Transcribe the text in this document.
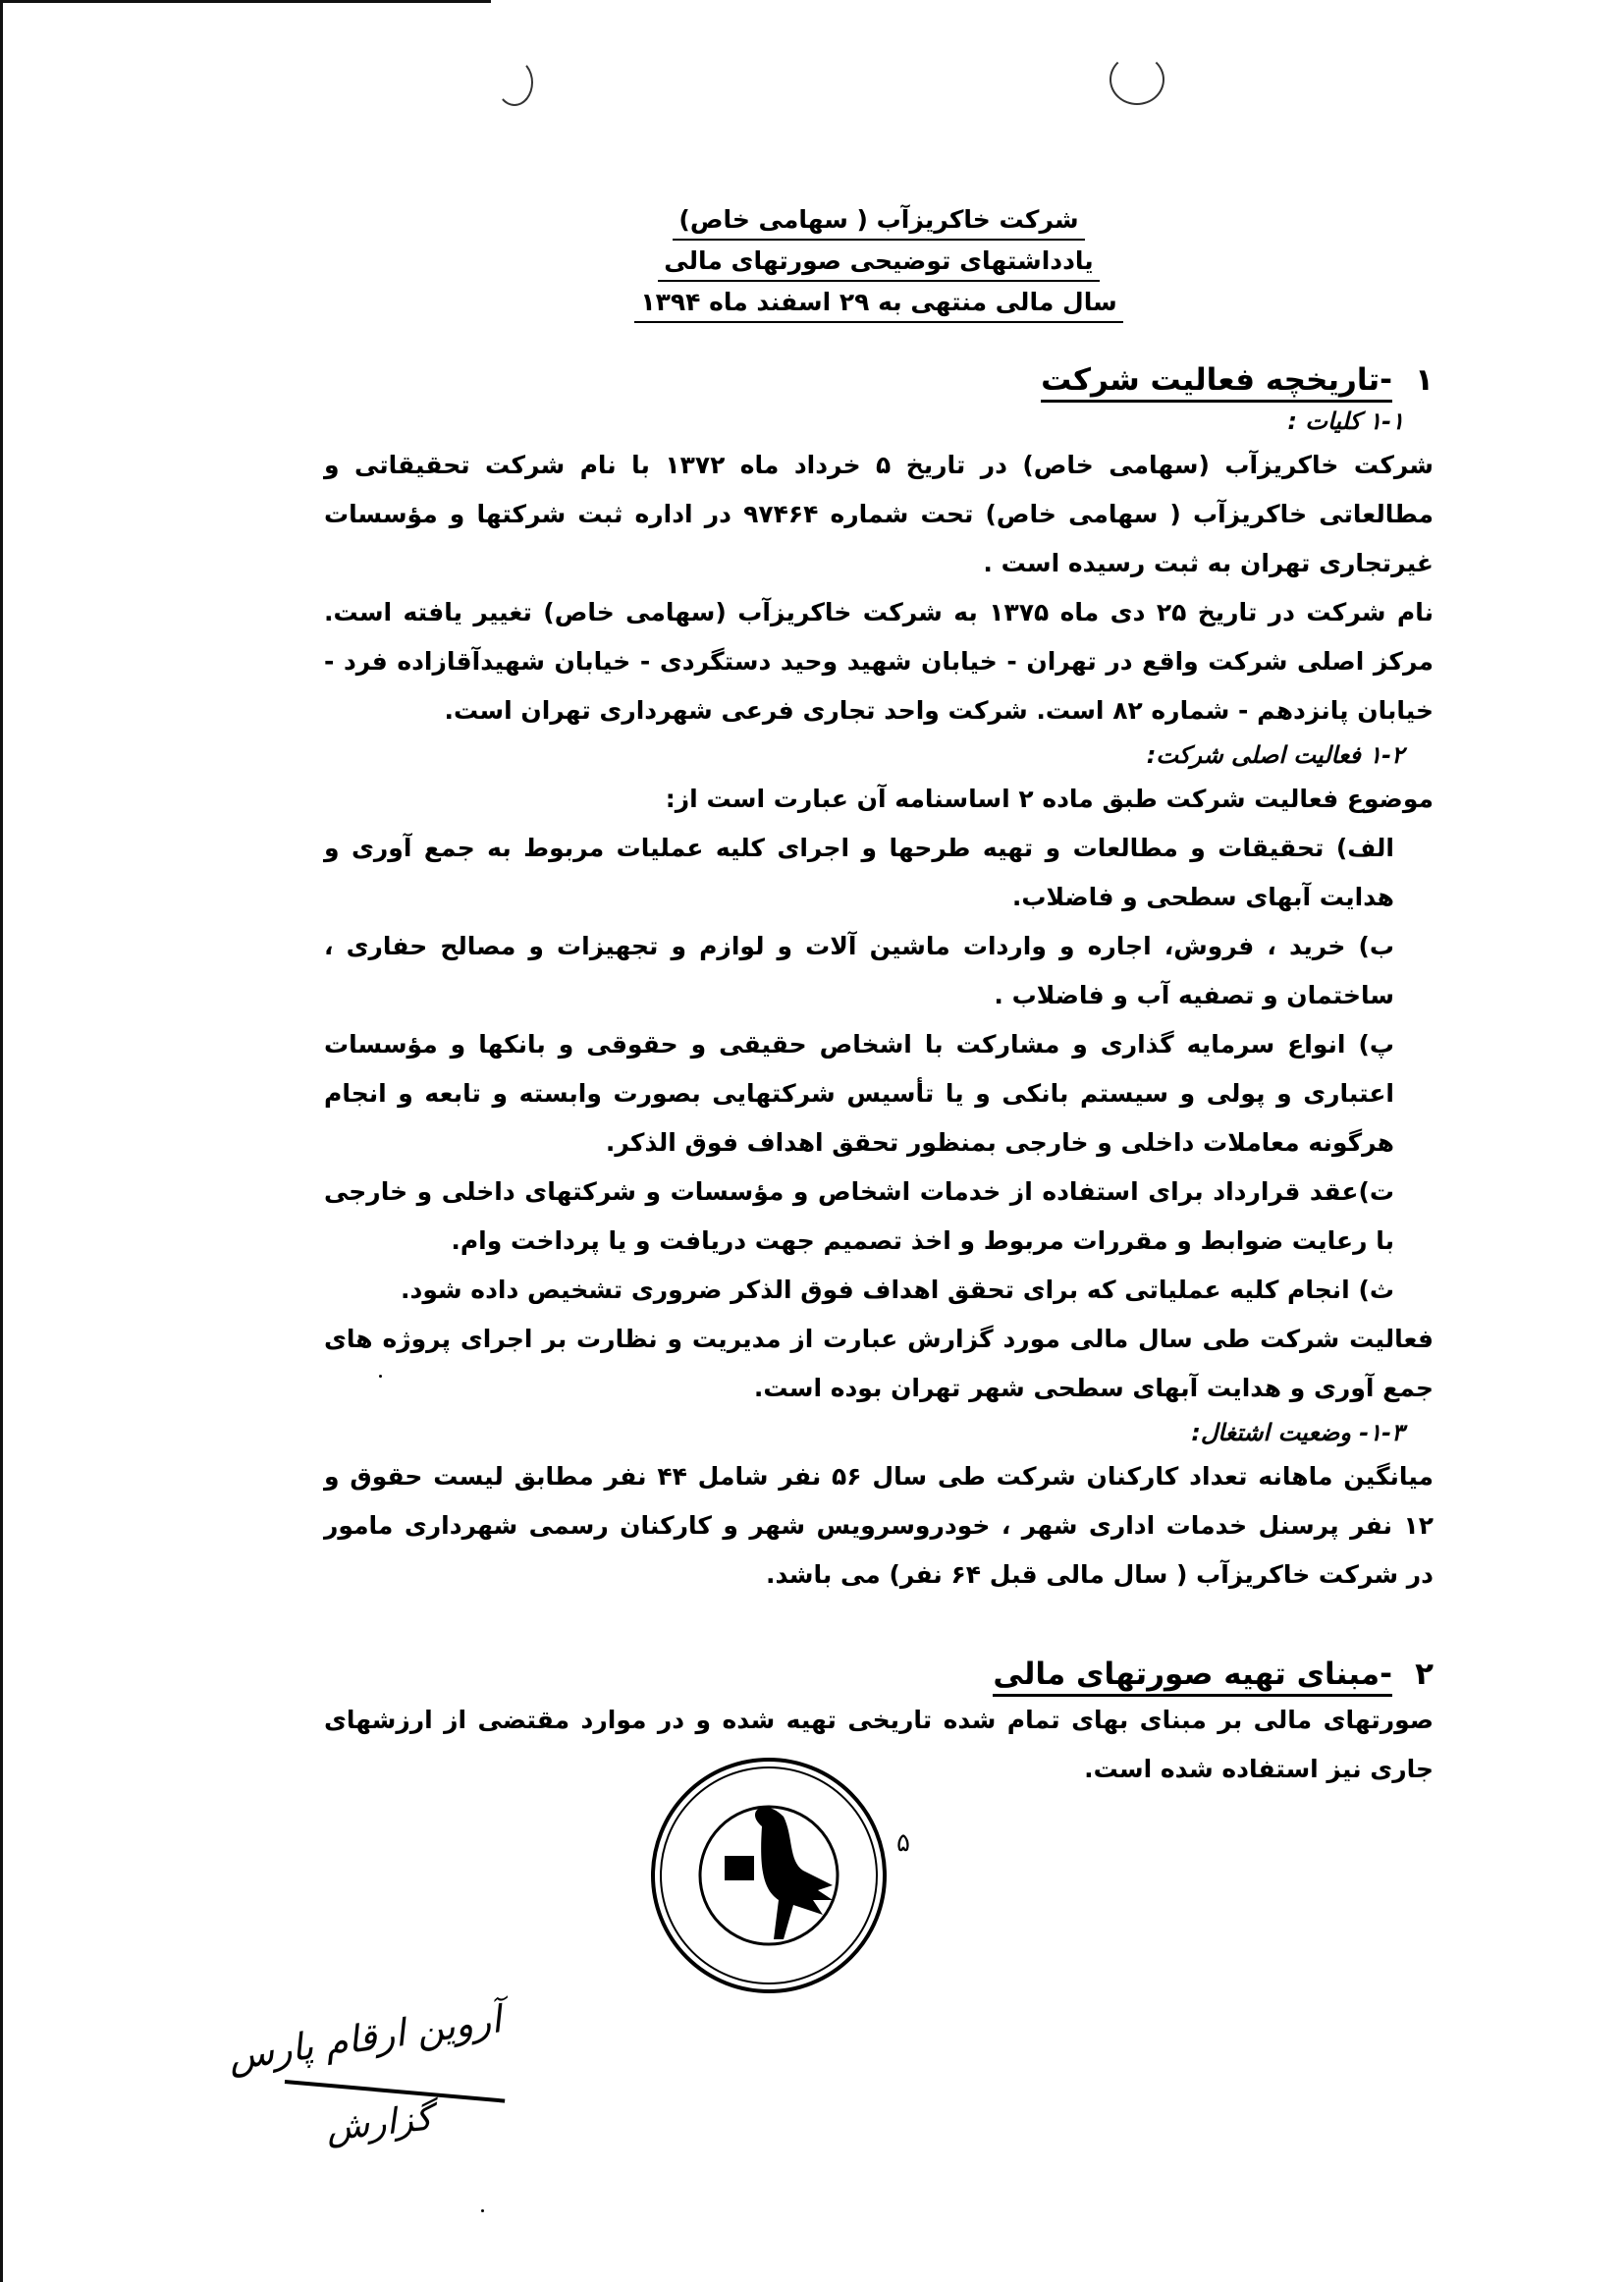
شرکت خاکریزآب ( سهامی خاص)
یادداشتهای توضیحی صورتهای مالی
سال مالی منتهی به ۲۹ اسفند ماه ۱۳۹۴
۱-تاریخچه فعالیت شرکت
۱-۱ کلیات :

شرکت خاکریزآب (سهامی خاص) در تاریخ ۵ خرداد ماه ۱۳۷۲ با نام شرکت تحقیقاتی و مطالعاتی خاکریزآب ( سهامی خاص) تحت شماره ۹۷۴۶۴ در اداره ثبت شرکتها و مؤسسات غیرتجاری تهران به ثبت رسیده است .

نام شرکت در تاریخ ۲۵ دی ماه ۱۳۷۵ به شرکت خاکریزآب (سهامی خاص) تغییر یافته است. مرکز اصلی شرکت واقع در تهران - خیابان شهید وحید دستگردی - خیابان شهیدآقازاده فرد - خیابان پانزدهم - شماره ۸۲ است. شرکت واحد تجاری فرعی شهرداری تهران است.

۱-۲ فعالیت اصلی شرکت:

موضوع فعالیت شرکت طبق ماده ۲ اساسنامه آن عبارت است از:

الف) تحقیقات و مطالعات و تهیه طرحها و اجرای کلیه عملیات مربوط به جمع آوری و هدایت آبهای سطحی و فاضلاب.

ب) خرید ، فروش، اجاره و واردات ماشین آلات و لوازم و تجهیزات و مصالح حفاری ، ساختمان و تصفیه آب و فاضلاب .

پ) انواع سرمایه گذاری و مشارکت با اشخاص حقیقی و حقوقی و بانکها و مؤسسات اعتباری و پولی و سیستم بانکی و یا تأسیس شرکتهایی بصورت وابسته و تابعه و انجام هرگونه معاملات داخلی و خارجی بمنظور تحقق اهداف فوق الذکر.

ت)عقد قرارداد برای استفاده از خدمات اشخاص و مؤسسات و شرکتهای داخلی و خارجی با رعایت ضوابط و مقررات مربوط و اخذ تصمیم جهت دریافت و یا پرداخت وام.

ث) انجام کلیه عملیاتی که برای تحقق اهداف فوق الذکر ضروری تشخیص داده شود.

فعالیت شرکت طی سال مالی مورد گزارش عبارت از مدیریت و نظارت بر اجرای پروژه های جمع آوری و هدایت آبهای سطحی شهر تهران بوده است.

۱-۳- وضعیت اشتغال:

میانگین ماهانه تعداد کارکنان شرکت طی سال ۵۶ نفر شامل ۴۴ نفر مطابق لیست حقوق و ۱۲ نفر پرسنل خدمات اداری شهر ، خودروسرویس شهر و کارکنان رسمی شهرداری مامور در شرکت خاکریزآب ( سال مالی قبل ۶۴ نفر) می باشد.

۲-مبنای تهیه صورتهای مالی

صورتهای مالی بر مبنای بهای تمام شده تاریخی تهیه شده و در موارد مقتضی از ارزشهای جاری نیز استفاده شده است.

۵
آروین ارقام پارس
گزارش
